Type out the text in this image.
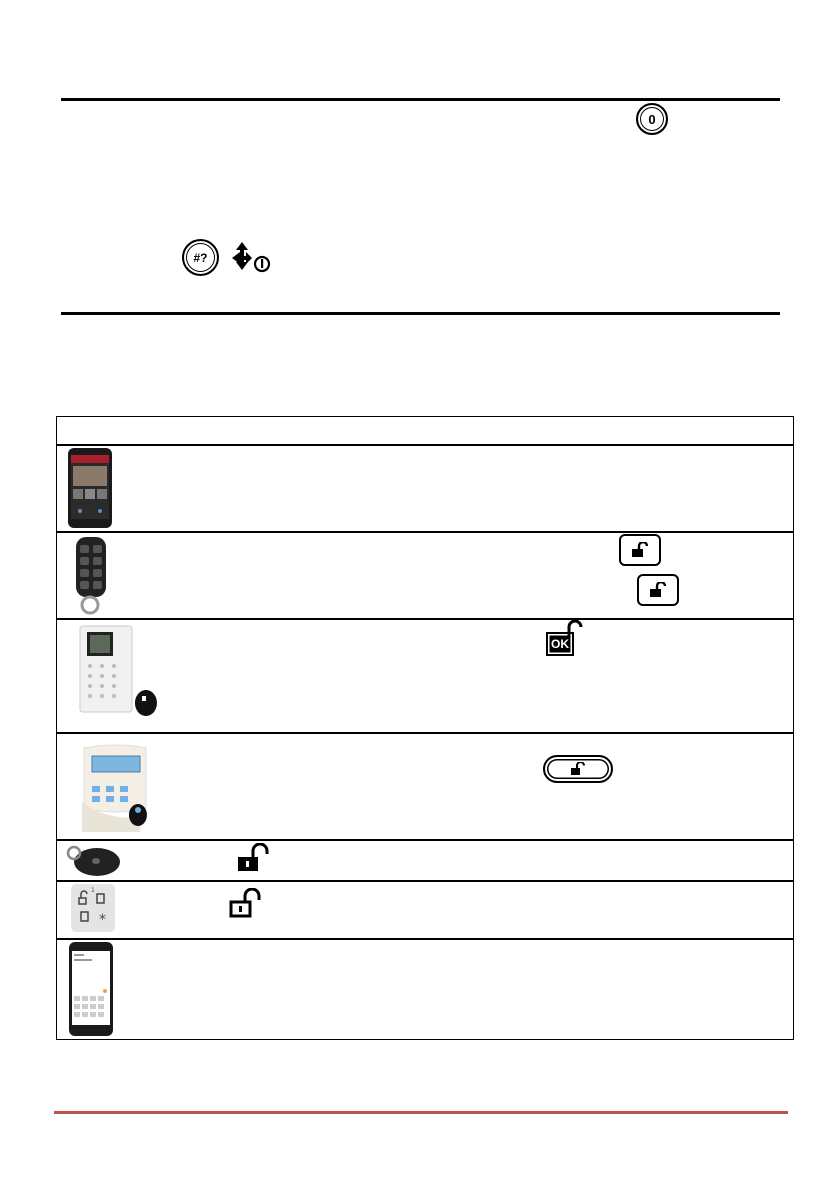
0
#?
OK
*
1
